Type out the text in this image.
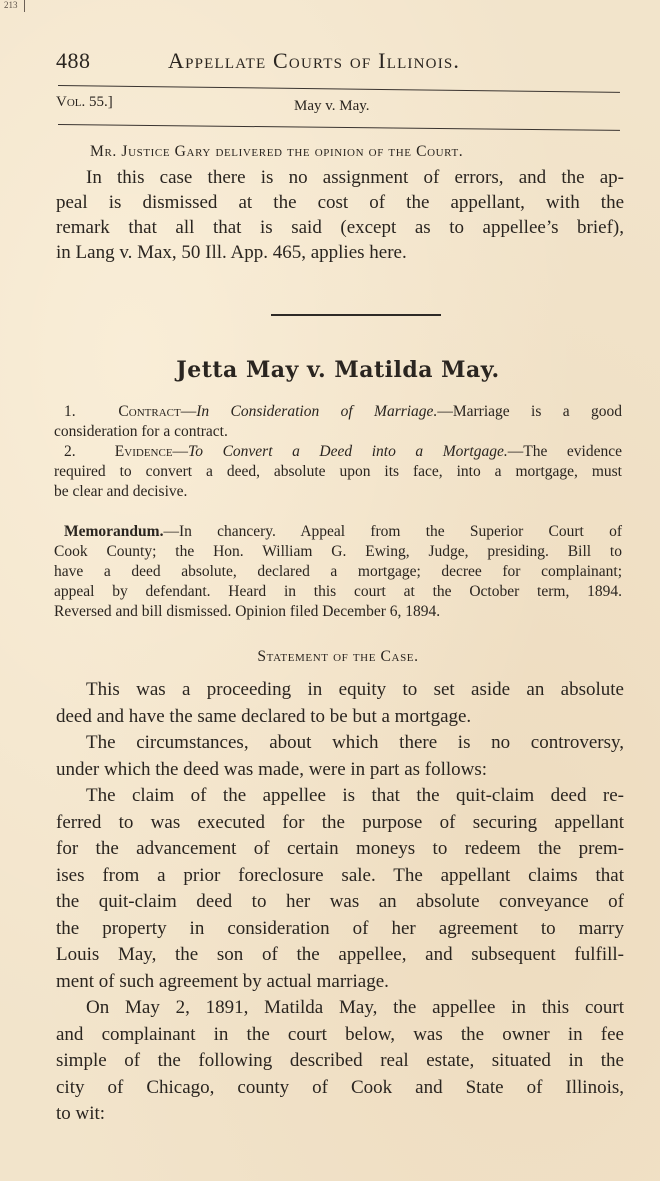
213
488	Appellate Courts of Illinois.
Vol. 55.]	May v. May.
Mr. Justice Gary delivered the opinion of the Court.
In this case there is no assignment of errors, and the ap-
peal is dismissed at the cost of the appellant, with the
remark that all that is said (except as to appellee’s brief),
in Lang v. Max, 50 Ill. App. 465, applies here.
Jetta May v. Matilda May.
1.	Contract—In Consideration of Marriage.—Marriage is a good
consideration for a contract.
2.	Evidence—To Convert a Deed into a Mortgage.—The evidence
required to convert a deed, absolute upon its face, into a mortgage, must
be clear and decisive.
Memorandum.—In chancery. Appeal from the Superior Court of
Cook County; the Hon. William G. Ewing, Judge, presiding. Bill to
have a deed absolute, declared a mortgage; decree for complainant;
appeal by defendant. Heard in this court at the October term, 1894.
Reversed and bill dismissed. Opinion filed December 6, 1894.
Statement of the Case.
This was a proceeding in equity to set aside an absolute
deed and have the same declared to be but a mortgage.
The circumstances, about which there is no controversy,
under which the deed was made, were in part as follows:
The claim of the appellee is that the quit-claim deed re-
ferred to was executed for the purpose of securing appellant
for the advancement of certain moneys to redeem the prem-
ises from a prior foreclosure sale. The appellant claims that
the quit-claim deed to her was an absolute conveyance of
the property in consideration of her agreement to marry
Louis May, the son of the appellee, and subsequent fulfill-
ment of such agreement by actual marriage.
On May 2, 1891, Matilda May, the appellee in this court
and complainant in the court below, was the owner in fee
simple of the following described real estate, situated in the
city of Chicago, county of Cook and State of Illinois,
to wit:
